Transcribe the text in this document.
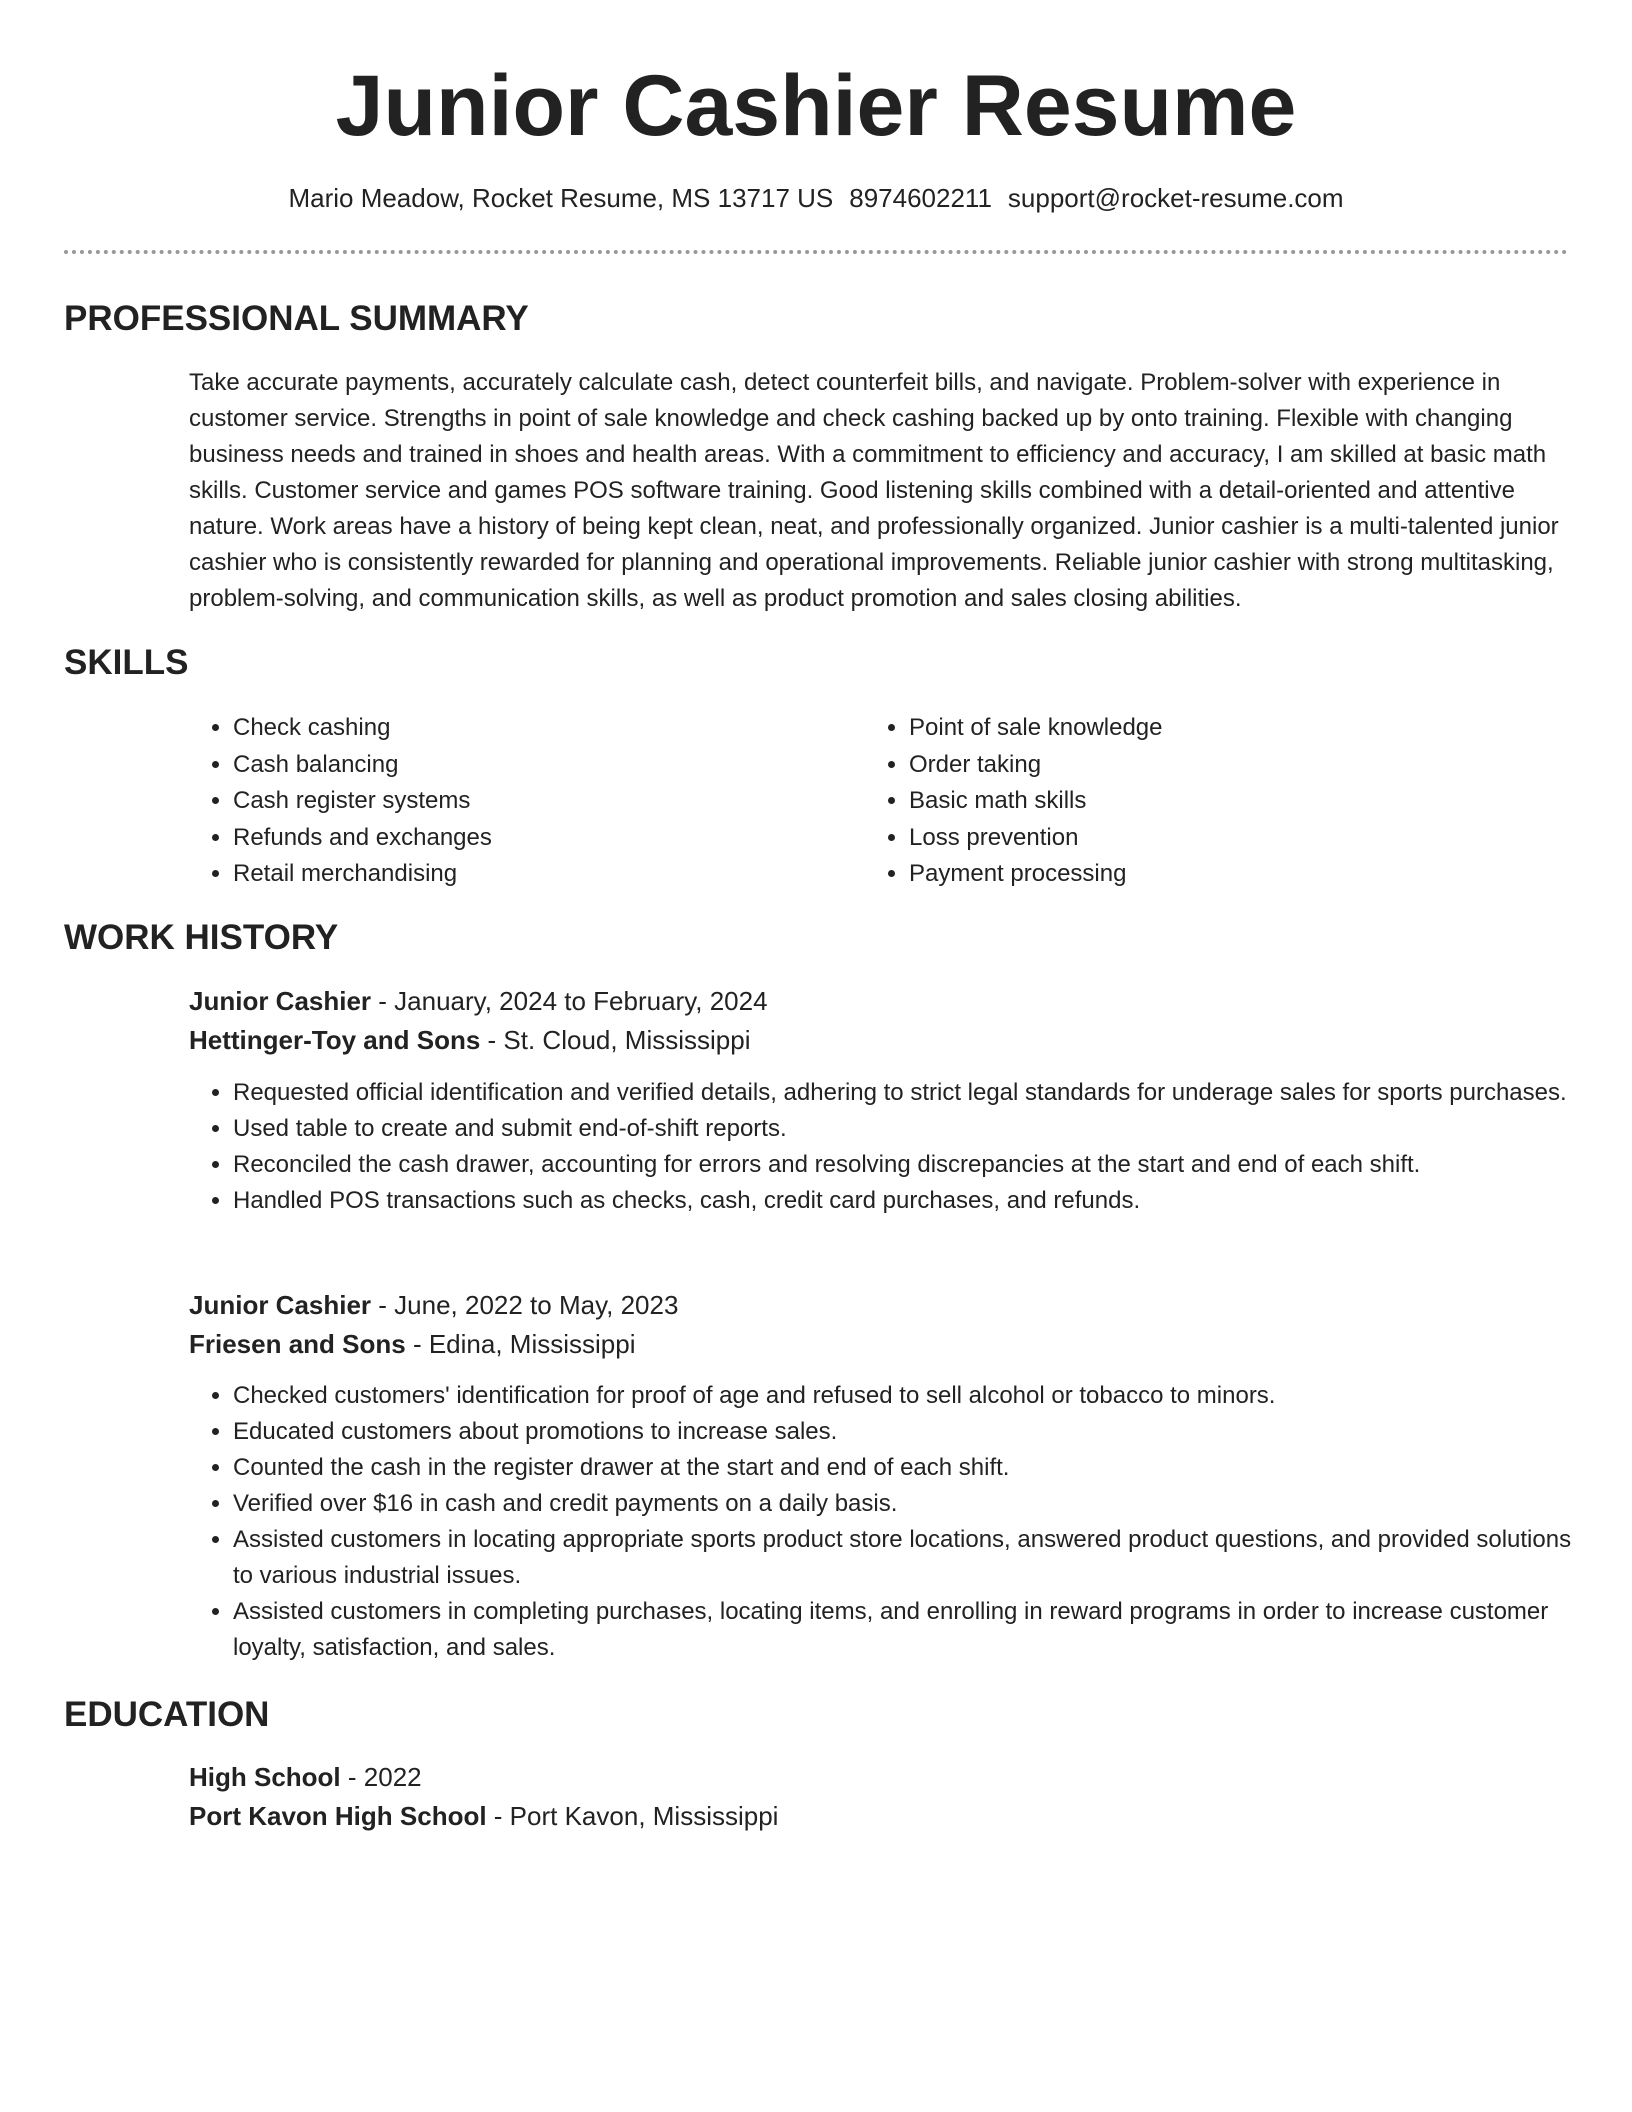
Junior Cashier Resume
Mario Meadow, Rocket Resume, MS 13717 US 8974602211 support@rocket-resume.com
PROFESSIONAL SUMMARY

Take accurate payments, accurately calculate cash, detect counterfeit bills, and navigate. Problem-solver with experience in customer service. Strengths in point of sale knowledge and check cashing backed up by onto training. Flexible with changing business needs and trained in shoes and health areas. With a commitment to efficiency and accuracy, I am skilled at basic math skills. Customer service and games POS software training. Good listening skills combined with a detail-oriented and attentive nature. Work areas have a history of being kept clean, neat, and professionally organized. Junior cashier is a multi-talented junior cashier who is consistently rewarded for planning and operational improvements. Reliable junior cashier with strong multitasking, problem-solving, and communication skills, as well as product promotion and sales closing abilities.

SKILLS
• Check cashing
• Cash balancing
• Cash register systems
• Refunds and exchanges
• Retail merchandising
• Point of sale knowledge
• Order taking
• Basic math skills
• Loss prevention
• Payment processing
WORK HISTORY
Junior Cashier - January, 2024 to February, 2024
Hettinger-Toy and Sons - St. Cloud, Mississippi
• Requested official identification and verified details, adhering to strict legal standards for underage sales for sports purchases.
• Used table to create and submit end-of-shift reports.
• Reconciled the cash drawer, accounting for errors and resolving discrepancies at the start and end of each shift.
• Handled POS transactions such as checks, cash, credit card purchases, and refunds.
Junior Cashier - June, 2022 to May, 2023
Friesen and Sons - Edina, Mississippi
• Checked customers' identification for proof of age and refused to sell alcohol or tobacco to minors.
• Educated customers about promotions to increase sales.
• Counted the cash in the register drawer at the start and end of each shift.
• Verified over $16 in cash and credit payments on a daily basis.
• Assisted customers in locating appropriate sports product store locations, answered product questions, and provided solutions to various industrial issues.
• Assisted customers in completing purchases, locating items, and enrolling in reward programs in order to increase customer loyalty, satisfaction, and sales.
EDUCATION
High School - 2022
Port Kavon High School - Port Kavon, Mississippi
